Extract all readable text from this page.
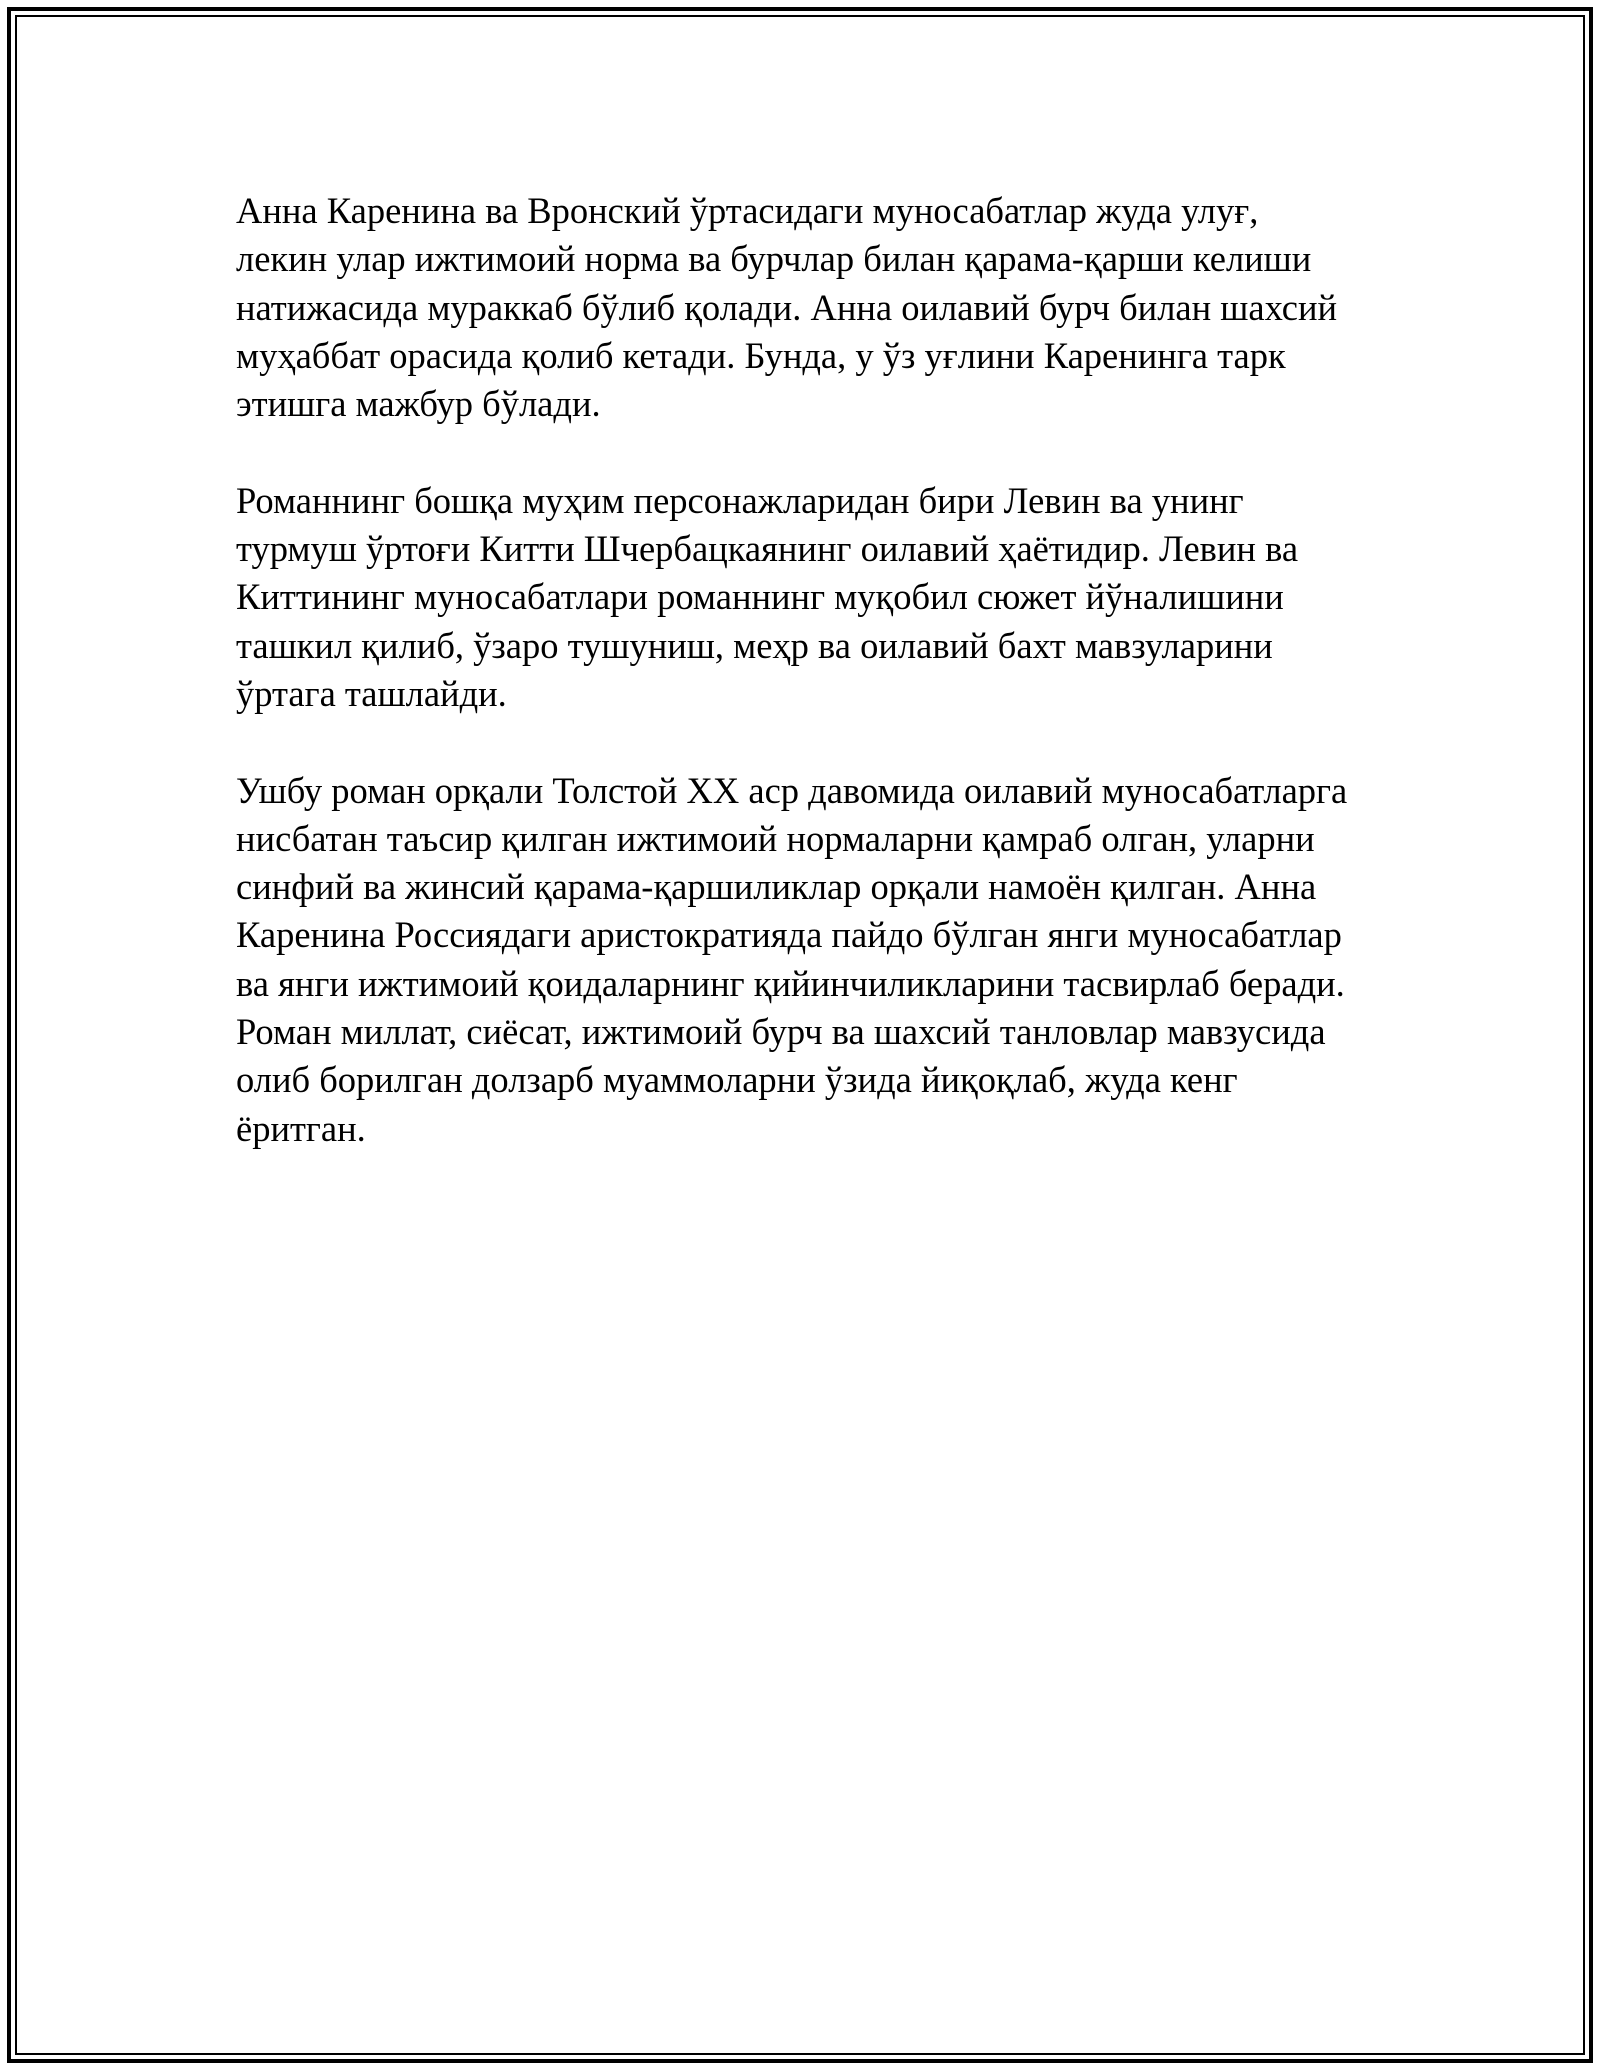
Анна Каренина ва Вронский ўртасидаги муносабатлар жуда улуғ,
лекин улар ижтимоий норма ва бурчлар билан қарама-қарши келиши
натижасида мураккаб бўлиб қолади. Анна оилавий бурч билан шахсий
муҳаббат орасида қолиб кетади. Бунда, у ўз уғлини Каренинга тарк
этишга мажбур бўлади.

Романнинг бошқа муҳим персонажларидан бири Левин ва унинг
турмуш ўртоғи Китти Шчербацкаянинг оилавий ҳаётидир. Левин ва
Киттининг муносабатлари романнинг муқобил сюжет йўналишини
ташкил қилиб, ўзаро тушуниш, меҳр ва оилавий бахт мавзуларини
ўртага ташлайди.

Ушбу роман орқали Толстой XX аср давомида оилавий муносабатларга
нисбатан таъсир қилган ижтимоий нормаларни қамраб олган, уларни
синфий ва жинсий қарама-қаршиликлар орқали намоён қилган. Анна
Каренина Россиядаги аристократияда пайдо бўлган янги муносабатлар
ва янги ижтимоий қоидаларнинг қийинчиликларини тасвирлаб беради.
Роман миллат, сиёсат, ижтимоий бурч ва шахсий танловлар мавзусида
олиб борилган долзарб муаммоларни ўзида йиқоқлаб, жуда кенг
ёритган.
